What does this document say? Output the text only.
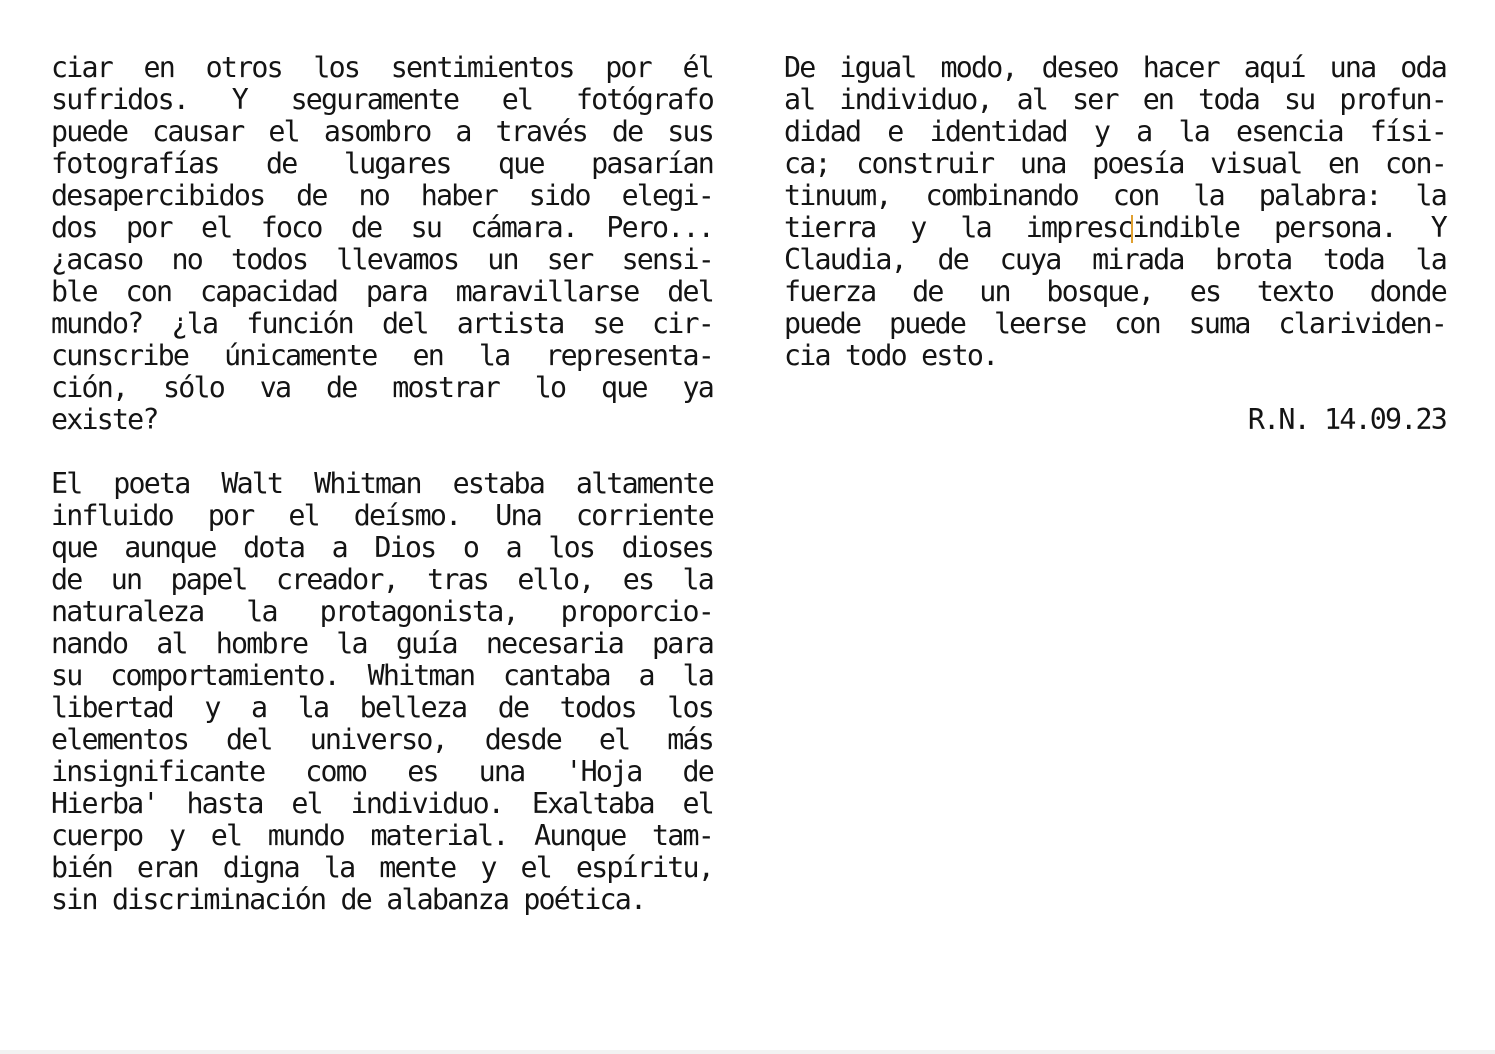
ciar en otros los sentimientos por él
sufridos. Y seguramente el fotógrafo
puede causar el asombro a través de sus
fotografías de lugares que pasarían
desapercibidos de no haber sido elegi-
dos por el foco de su cámara. Pero...
¿acaso no todos llevamos un ser sensi-
ble con capacidad para maravillarse del
mundo? ¿la función del artista se cir-
cunscribe únicamente en la representa-
ción, sólo va de mostrar lo que ya
existe?
El poeta Walt Whitman estaba altamente
influido por el deísmo. Una corriente
que aunque dota a Dios o a los dioses
de un papel creador, tras ello, es la
naturaleza la protagonista, proporcio-
nando al hombre la guía necesaria para
su comportamiento. Whitman cantaba a la
libertad y a la belleza de todos los
elementos del universo, desde el más
insignificante como es una 'Hoja de
Hierba' hasta el individuo. Exaltaba el
cuerpo y el mundo material. Aunque tam-
bién eran digna la mente y el espíritu,
sin discriminación de alabanza poética.
De igual modo, deseo hacer aquí una oda
al individuo, al ser en toda su profun-
didad e identidad y a la esencia físi-
ca; construir una poesía visual en con-
tinuum, combinando con la palabra: la
tierra y la imprescindible persona. Y
Claudia, de cuya mirada brota toda la
fuerza de un bosque, es texto donde
puede puede leerse con suma clarividen-
cia todo esto.
R.N. 14.09.23
